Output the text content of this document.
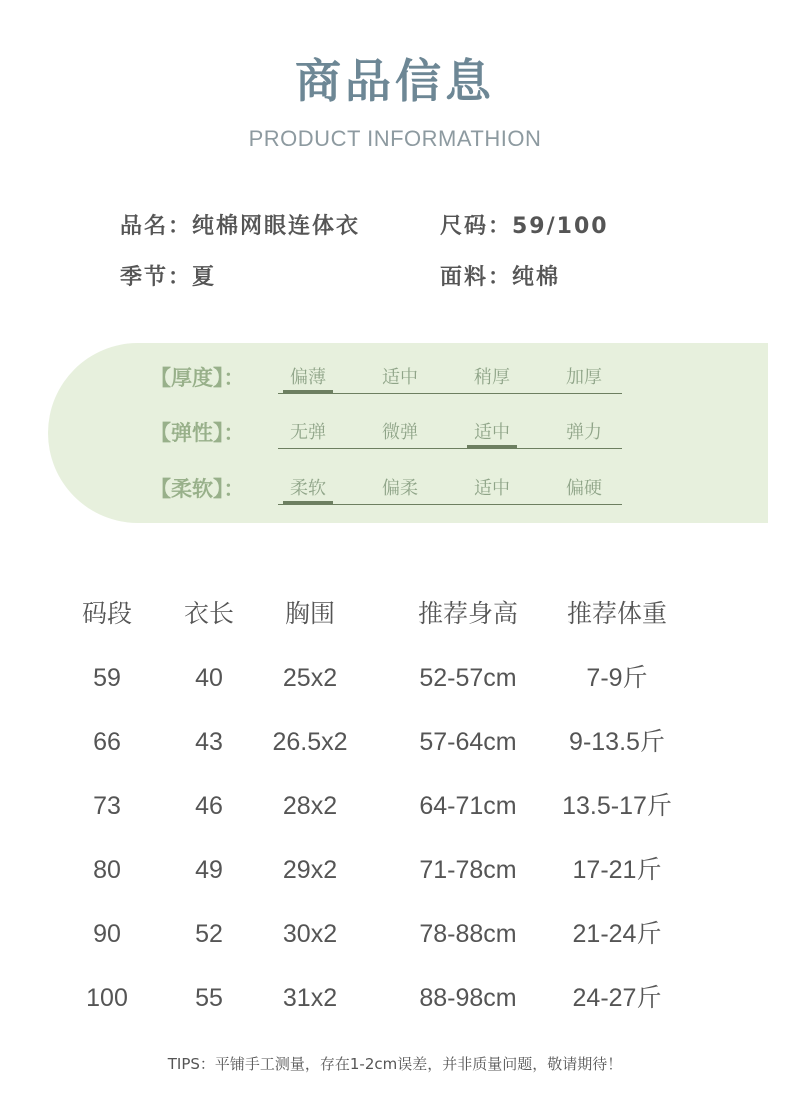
商品信息
PRODUCT INFORMATHION
品名：纯棉网眼连体衣	尺码：59/100
季节：夏	面料：纯棉
【厚度】：	偏薄	适中	稍厚	加厚
【弹性】：	无弹	微弹	适中	弹力
【柔软】：	柔软	偏柔	适中	偏硬
码段	衣长	胸围	推荐身高	推荐体重
59	40	25x2	52-57cm	7-9斤
66	43	26.5x2	57-64cm	9-13.5斤
73	46	28x2	64-71cm	13.5-17斤
80	49	29x2	71-78cm	17-21斤
90	52	30x2	78-88cm	21-24斤
100	55	31x2	88-98cm	24-27斤
TIPS：平铺手工测量，存在1-2cm误差，并非质量问题，敬请期待！
